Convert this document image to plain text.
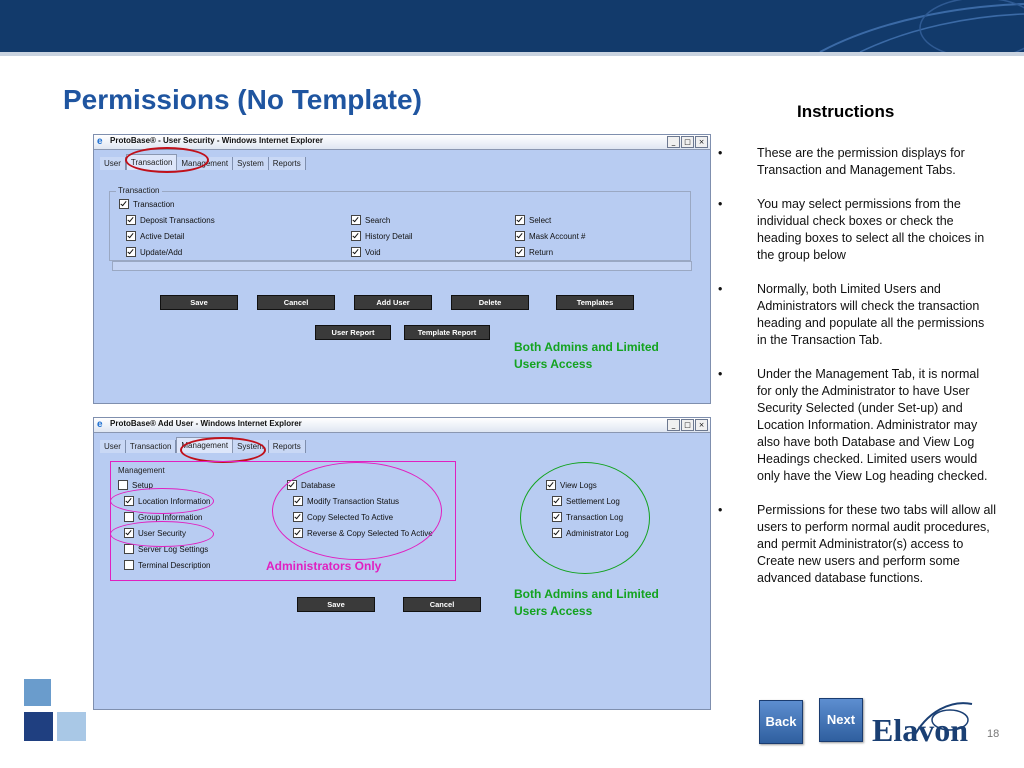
Permissions (No Template)
e ProtoBase® - User Security - Windows Internet Explorer	_	□	×
User	Transaction	Management	System	Reports
Transaction
Transaction
Deposit Transactions	Search	Select
Active Detail	History Detail	Mask Account #
Update/Add	Void	Return
Save	Cancel	Add User	Delete	Templates
User Report	Template Report
Both Admins and Limited
Users Access
e ProtoBase® Add User - Windows Internet Explorer	_	□	×
User	Transaction	Management	System	Reports
Management
Setup
Location Information
Group Information
User Security
Server Log Settings
Terminal Description
Database
Modify Transaction Status
Copy Selected To Active
Reverse & Copy Selected To Active
View Logs
Settlement Log
Transaction Log
Administrator Log
Save	Cancel
Administrators Only
Both Admins and Limited
Users Access
Instructions
•	These are the permission displays for Transaction and Management Tabs.
•	You may select permissions from the individual check boxes or check the heading boxes to select all the choices in the group below
•	Normally, both Limited Users and Administrators will check the transaction heading and populate all the permissions in the Transaction Tab.
•	Under the Management Tab, it is normal for only the Administrator to have User Security Selected (under Set-up) and Location Information. Administrator may also have both Database and View Log Headings checked. Limited users would only have the View Log heading checked.
•	Permissions for these two tabs will allow all users to perform normal audit procedures, and permit Administrator(s) access to Create new users and perform some advanced database functions.
Back	Next Elavon 18
